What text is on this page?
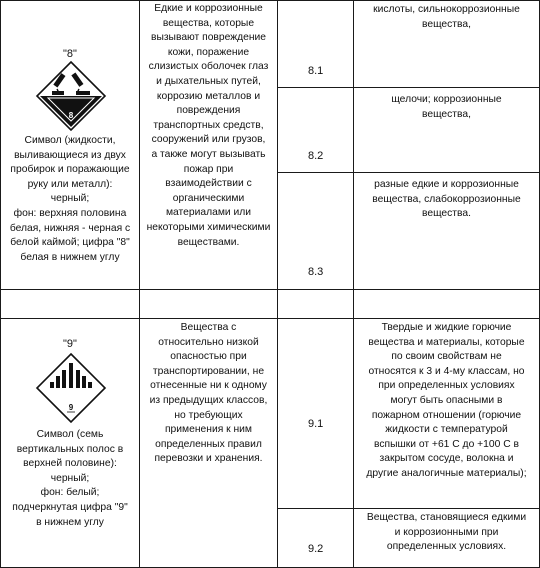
"8"
8
Символ (жидкости,
выливающиеся из двух
пробирок и поражающие
руку или металл):
черный;
фон: верхняя половина
белая, нижняя - черная с
белой каймой; цифра "8"
белая в нижнем углу
Едкие и коррозионные
вещества, которые
вызывают повреждение
кожи, поражение
слизистых оболочек глаз
и дыхательных путей,
коррозию металлов и
повреждения
транспортных средств,
сооружений или грузов,
а также могут вызывать
пожар при
взаимодействии с
органическими
материалами или
некоторыми химическими
веществами.
8.1
кислоты, сильнокоррозионные
вещества,
8.2
щелочи; коррозионные
вещества,
8.3
разные едкие и коррозионные
вещества, слабокоррозионные
вещества.
"9"
9
Символ (семь
вертикальных полос в
верхней половине):
черный;
фон: белый;
подчеркнутая цифра "9"
в нижнем углу
Вещества с
относительно низкой
опасностью при
транспортировании, не
отнесенные ни к одному
из предыдущих классов,
но требующих
применения к ним
определенных правил
перевозки и хранения.
9.1
Твердые и жидкие горючие
вещества и материалы, которые
по своим свойствам не
относятся к 3 и 4-му классам, но
при определенных условиях
могут быть опасными в
пожарном отношении (горючие
жидкости с температурой
вспышки от +61 С до +100 С в
закрытом сосуде, волокна и
другие аналогичные материалы);
9.2
Вещества, становящиеся едкими
и коррозионными при
определенных условиях.
